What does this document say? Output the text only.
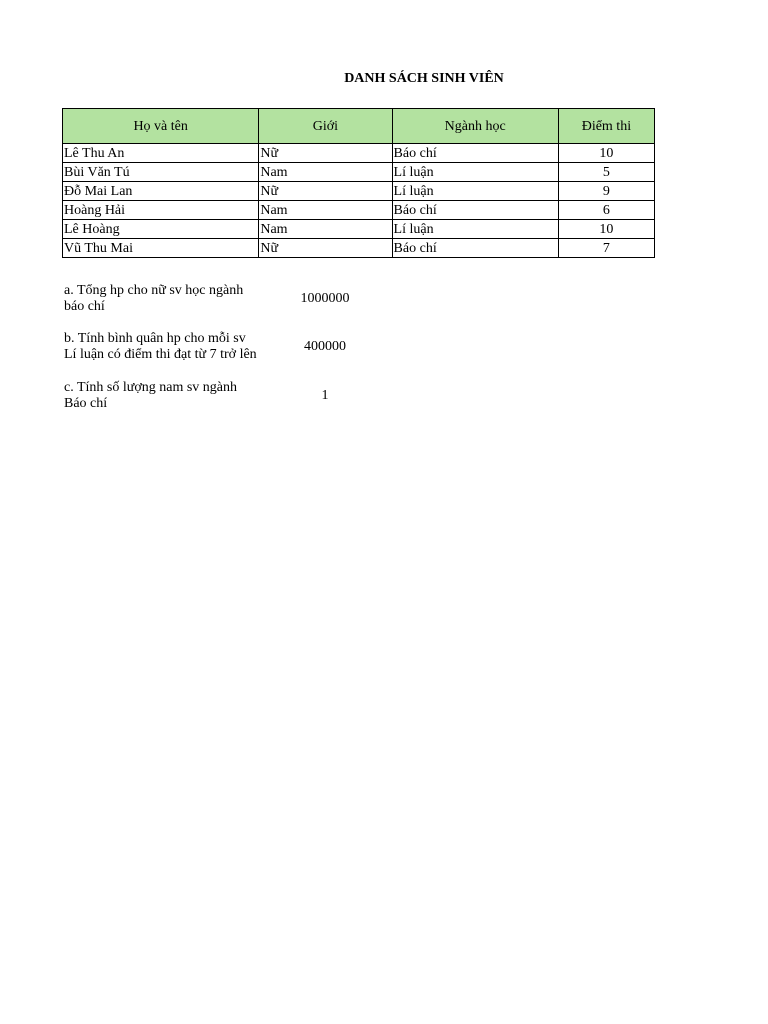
DANH SÁCH SINH VIÊN
Họ và tên	Giới	Ngành học	Điểm thi
Lê Thu An	Nữ	Báo chí	10
Bùi Văn Tú	Nam	Lí luận	5
Đỗ Mai Lan	Nữ	Lí luận	9
Hoàng Hải	Nam	Báo chí	6
Lê Hoàng	Nam	Lí luận	10
Vũ Thu Mai	Nữ	Báo chí	7
a. Tổng hp cho nữ sv học ngành
báo chí
1000000
b. Tính bình quân hp cho mỗi sv
Lí luận có điểm thi đạt từ 7 trở lên
400000
c. Tính số lượng nam sv ngành
Báo chí
1
